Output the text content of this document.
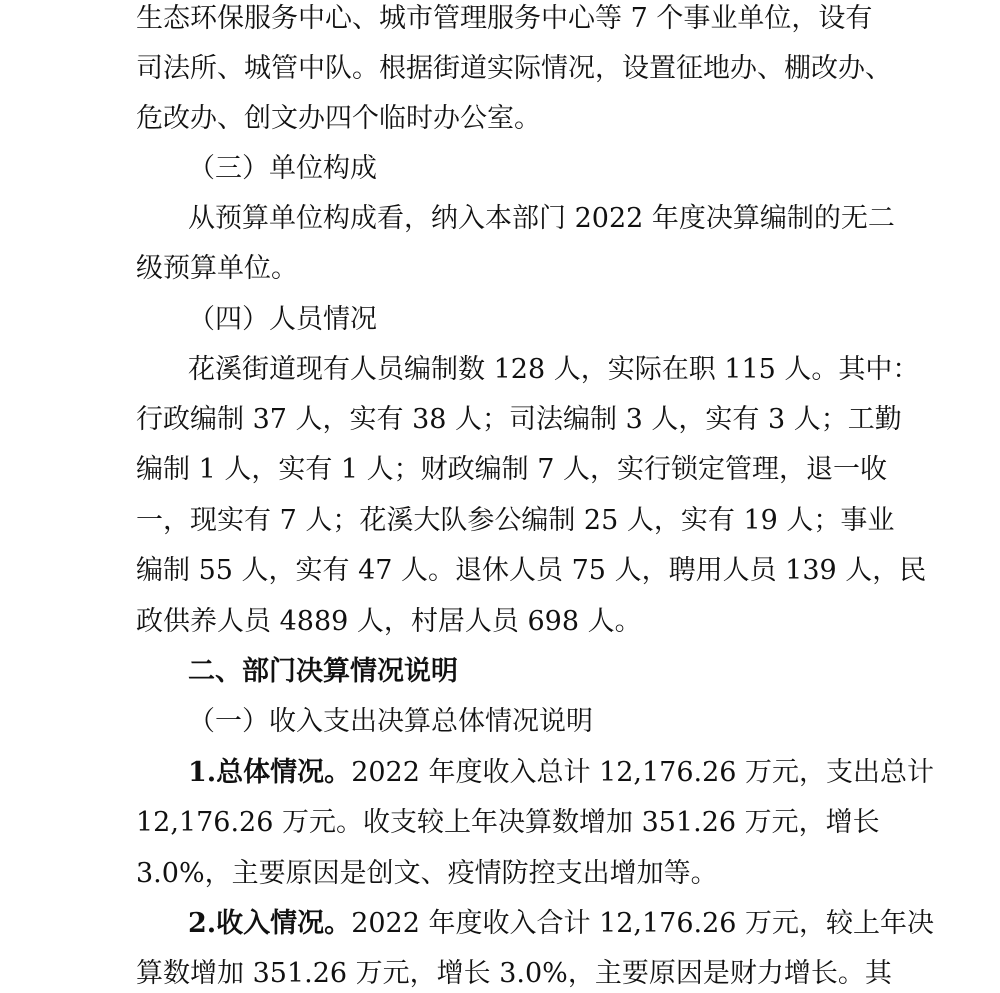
生态环保服务中心、城市管理服务中心等 7 个事业单位，设有
司法所、城管中队。根据街道实际情况，设置征地办、棚改办、
危改办、创文办四个临时办公室。
（三）单位构成
从预算单位构成看，纳入本部门 2022 年度决算编制的无二
级预算单位。
（四）人员情况
花溪街道现有人员编制数 128 人，实际在职 115 人。其中：
行政编制 37 人，实有 38 人；司法编制 3 人，实有 3 人；工勤
编制 1 人，实有 1 人；财政编制 7 人，实行锁定管理，退一收
一，现实有 7 人；花溪大队参公编制 25 人，实有 19 人；事业
编制 55 人，实有 47 人。退休人员 75 人，聘用人员 139 人，民
政供养人员 4889 人，村居人员 698 人。
二、部门决算情况说明
（一）收入支出决算总体情况说明
1.总体情况。2022 年度收入总计 12,176.26 万元，支出总计
12,176.26 万元。收支较上年决算数增加 351.26 万元，增长
3.0%，主要原因是创文、疫情防控支出增加等。
2.收入情况。2022 年度收入合计 12,176.26 万元，较上年决
算数增加 351.26 万元，增长 3.0%，主要原因是财力增长。其
